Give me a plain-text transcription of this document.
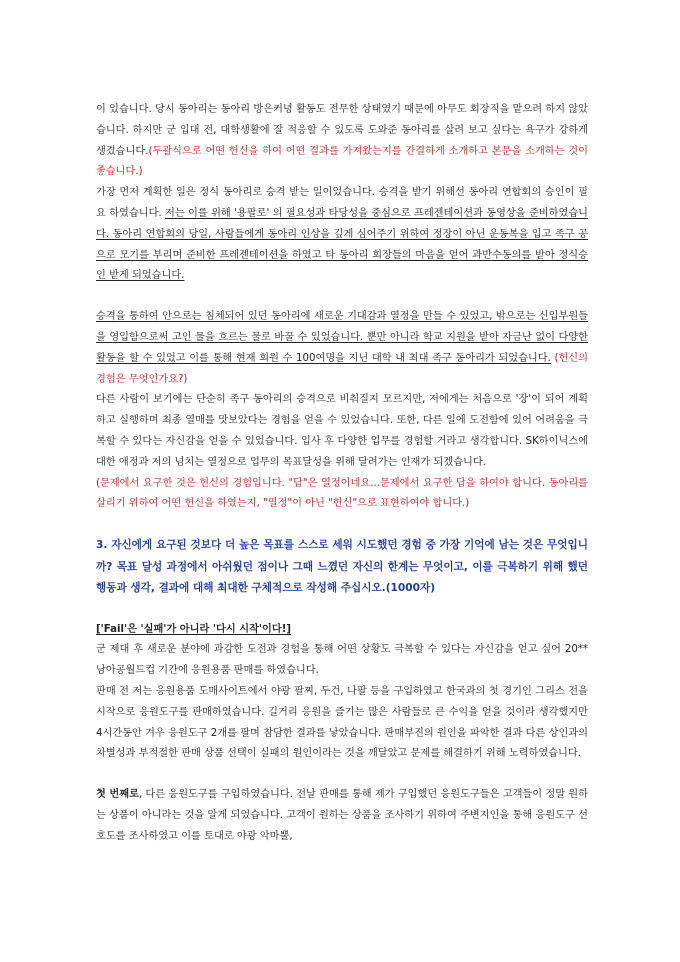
이 있습니다. 당시 동아리는 동아리 방은커녕 활동도 전무한 상태였기 때문에 아무도 회장직을 맡으려 하지 않았습니다. 하지만 군 입대 전, 대학생활에 잘 적응할 수 있도록 도와준 동아리를 살려 보고 싶다는 욕구가 강하게 생겼습니다.(두괄식으로 어떤 헌신을 하여 어떤 결과를 가져왔는지를 간결하게 소개하고 본문을 소개하는 것이 좋습니다.)

가장 먼저 계획한 일은 정식 동아리로 승격 받는 일이었습니다. 승격을 받기 위해선 동아리 연합회의 승인이 필요 하였습니다. 저는 이를 위해 '용팔로' 의 필요성과 타당성을 중심으로 프레젠테이션과 동영상을 준비하였습니다. 동아리 연합회의 당일, 사람들에게 동아리 인상을 깊게 심어주기 위하여 정장이 아닌 운동복을 입고 족구 공으로 모기를 부리며 준비한 프레젠테이션을 하였고 타 동아리 회장들의 마음을 얻어 과반수동의를 받아 정식승인 받게 되었습니다.

승격을 통하여 안으로는 침체되어 있던 동아리에 새로운 기대감과 열정을 만들 수 있었고, 밖으로는 신입부원들을 영입함으로써 고인 물을 흐르는 물로 바꿀 수 있었습니다. 뿐만 아니라 학교 지원을 받아 자금난 없이 다양한 활동을 할 수 있었고 이를 통해 현재 회원 수 100여명을 지닌 대학 내 최대 족구 동아리가 되었습니다. (헌신의 경험은 무엇인가요?)

다른 사람이 보기에는 단순히 족구 동아리의 승격으로 비춰질지 모르지만, 저에게는 처음으로 '장'이 되어 계획하고 실행하며 최종 열매를 맛보았다는 경험을 얻을 수 있었습니다. 또한, 다른 일에 도전함에 있어 어려움을 극복할 수 있다는 자신감을 얻을 수 있었습니다. 입사 후 다양한 업무를 경험할 거라고 생각합니다. SK하이닉스에 대한 애정과 저의 넘치는 열정으로 업무의 목표달성을 위해 달려가는 인재가 되겠습니다.

(문제에서 요구한 것은 헌신의 경험입니다. "답"은 열정이네요...문제에서 요구한 답을 하여야 합니다. 동아리를 살리기 위하여 어떤 헌신을 하였는지, "열정"이 아닌 "헌신"으로 표현하여야 합니다.)

3. 자신에게 요구된 것보다 더 높은 목표를 스스로 세워 시도했던 경험 중 가장 기억에 남는 것은 무엇입니까? 목표 달성 과정에서 아쉬웠던 점이나 그때 느꼈던 자신의 한계는 무엇이고, 이를 극복하기 위해 했던 행동과 생각, 결과에 대해 최대한 구체적으로 작성해 주십시오.(1000자)

['Fail'은 '실패'가 아니라 '다시 시작'이다!]

군 제대 후 새로운 분야에 과감한 도전과 경험을 통해 어떤 상황도 극복할 수 있다는 자신감을 얻고 싶어 20** 남아공월드컵 기간에 응원용품 판매를 하였습니다.

판매 전 저는 응원용품 도매사이트에서 야광 팔찌, 두건, 나팔 등을 구입하였고 한국과의 첫 경기인 그리스 전을 시작으로 응원도구를 판매하였습니다. 길거리 응원을 즐기는 많은 사람들로 큰 수익을 얻을 것이라 생각했지만 4시간동안 겨우 응원도구 2개를 팔며 참담한 결과를 낳았습니다. 판매부진의 원인을 파악한 결과 다른 상인과의 차별성과 부적절한 판매 상품 선택이 실패의 원인이라는 것을 깨달았고 문제를 해결하기 위해 노력하였습니다.

첫 번째로, 다른 응원도구를 구입하였습니다. 전날 판매를 통해 제가 구입했던 응원도구들은 고객들이 정말 원하는 상품이 아니라는 것을 알게 되었습니다. 고객이 원하는 상품을 조사하기 위하여 주변지인을 통해 응원도구 선호도를 조사하였고 이를 토대로 야광 악마뿔,
